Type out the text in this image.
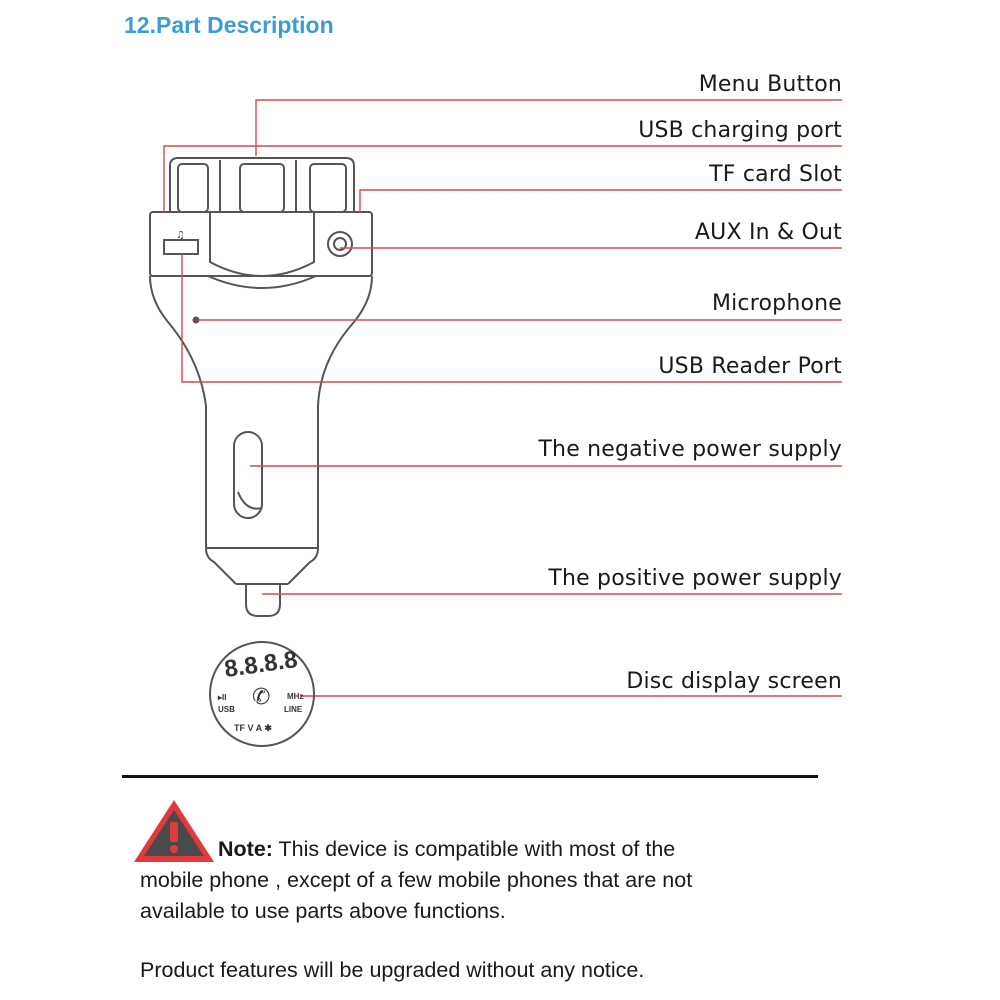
12.Part Description
♫
8.8.8.8
▸II
USB
MHz
LINE
TF V A ✱
✆
Menu Button
USB charging port
TF card Slot
AUX In & Out
Microphone
USB Reader Port
The negative power supply
The positive power supply
Disc display screen
Note: This device is compatible with most of the
mobile phone , except of a few mobile phones that are not
available to use parts above functions.
Product features will be upgraded without any notice.
